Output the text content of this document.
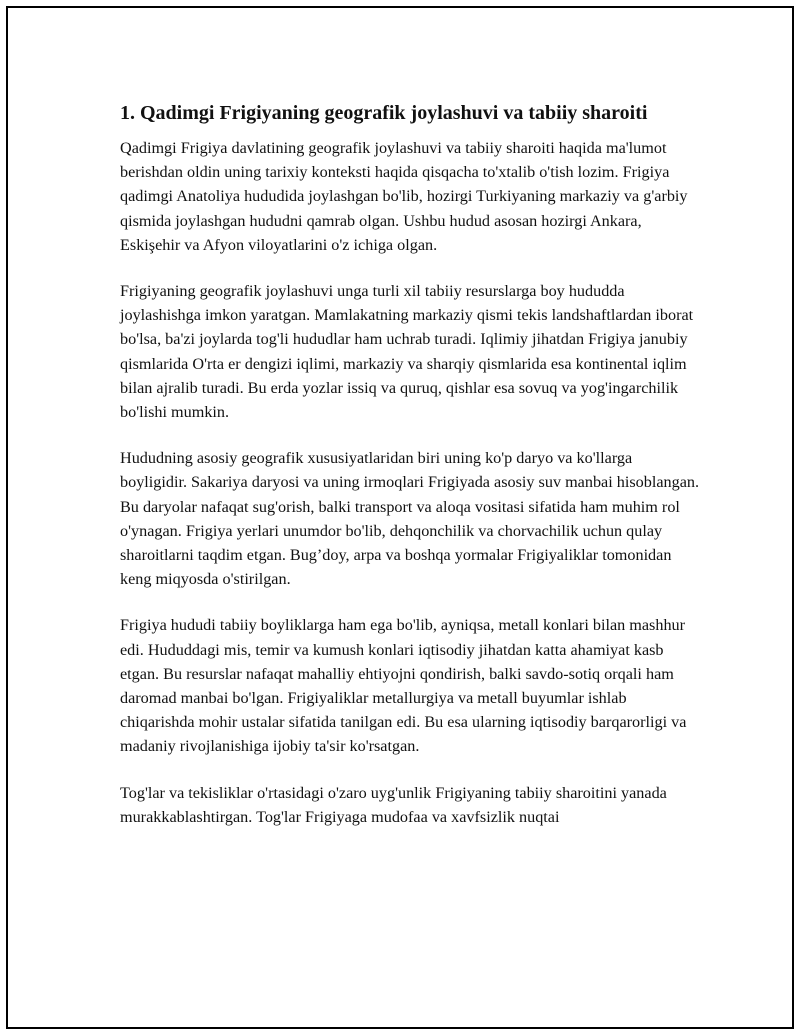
1. Qadimgi Frigiyaning geografik joylashuvi va tabiiy sharoiti

Qadimgi Frigiya davlatining geografik joylashuvi va tabiiy sharoiti haqida ma'lumot berishdan oldin uning tarixiy konteksti haqida qisqacha to'xtalib o'tish lozim. Frigiya qadimgi Anatoliya hududida joylashgan bo'lib, hozirgi Turkiyaning markaziy va g'arbiy qismida joylashgan hududni qamrab olgan. Ushbu hudud asosan hozirgi Ankara, Eskişehir va Afyon viloyatlarini o'z ichiga olgan.

Frigiyaning geografik joylashuvi unga turli xil tabiiy resurslarga boy hududda joylashishga imkon yaratgan. Mamlakatning markaziy qismi tekis landshaftlardan iborat bo'lsa, ba'zi joylarda tog'li hududlar ham uchrab turadi. Iqlimiy jihatdan Frigiya janubiy qismlarida O'rta er dengizi iqlimi, markaziy va sharqiy qismlarida esa kontinental iqlim bilan ajralib turadi. Bu erda yozlar issiq va quruq, qishlar esa sovuq va yog'ingarchilik bo'lishi mumkin.

Hududning asosiy geografik xususiyatlaridan biri uning ko'p daryo va ko'llarga boyligidir. Sakariya daryosi va uning irmoqlari Frigiyada asosiy suv manbai hisoblangan. Bu daryolar nafaqat sug'orish, balki transport va aloqa vositasi sifatida ham muhim rol o'ynagan. Frigiya yerlari unumdor bo'lib, dehqonchilik va chorvachilik uchun qulay sharoitlarni taqdim etgan. Bug’doy, arpa va boshqa yormalar Frigiyaliklar tomonidan keng miqyosda o'stirilgan.

Frigiya hududi tabiiy boyliklarga ham ega bo'lib, ayniqsa, metall konlari bilan mashhur edi. Hududdagi mis, temir va kumush konlari iqtisodiy jihatdan katta ahamiyat kasb etgan. Bu resurslar nafaqat mahalliy ehtiyojni qondirish, balki savdo-sotiq orqali ham daromad manbai bo'lgan. Frigiyaliklar metallurgiya va metall buyumlar ishlab chiqarishda mohir ustalar sifatida tanilgan edi. Bu esa ularning iqtisodiy barqarorligi va madaniy rivojlanishiga ijobiy ta'sir ko'rsatgan.

Tog'lar va tekisliklar o'rtasidagi o'zaro uyg'unlik Frigiyaning tabiiy sharoitini yanada murakkablashtirgan. Tog'lar Frigiyaga mudofaa va xavfsizlik nuqtai
